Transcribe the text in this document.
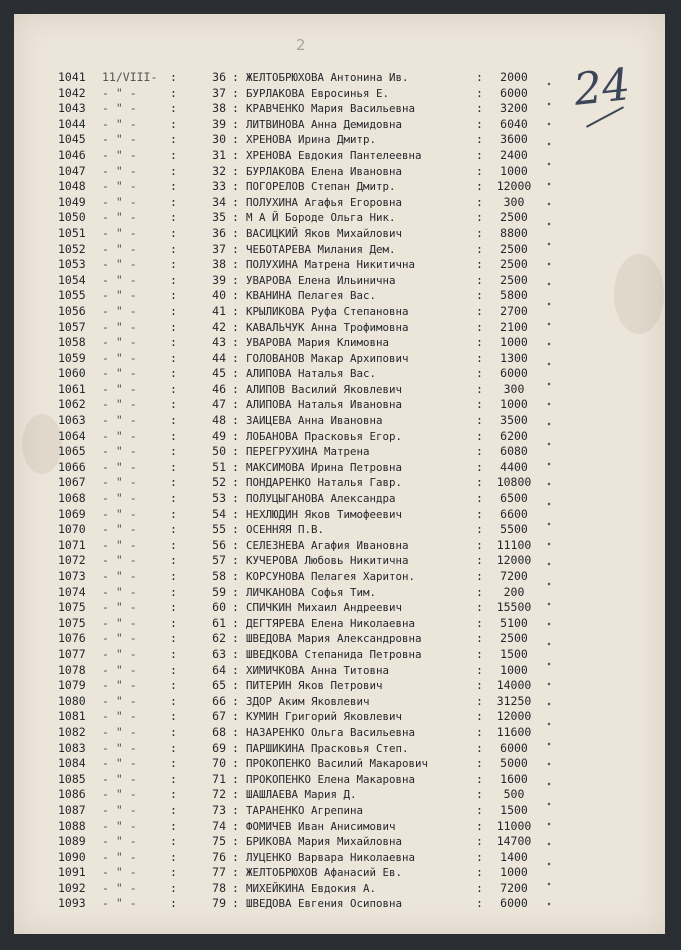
2
24
1041	11/VIII-	:	36 : ЖЕЛТОБРЮХОВА Антонина Ив.	:	2000
1042	- " -	:	37 : БУРЛАКОВА Евросинья Е.	:	6000
1043	- " -	:	38 : КРАВЧЕНКО Мария Васильевна	:	3200
1044	- " -	:	39 : ЛИТВИНОВА Анна Демидовна	:	6040
1045	- " -	:	30 : ХРЕНОВА Ирина Дмитр.	:	3600
1046	- " -	:	31 : ХРЕНОВА Евдокия Пантелеевна	:	2400
1047	- " -	:	32 : БУРЛАКОВА Елена Ивановна	:	1000
1048	- " -	:	33 : ПОГОРЕЛОВ Степан Дмитр.	:	12000
1049	- " -	:	34 : ПОЛУХИНА Агафья Егоровна	:	300
1050	- " -	:	35 : М А Й Бороде Ольга Ник.	:	2500
1051	- " -	:	36 : ВАСИЦКИЙ Яков Михайлович	:	8800
1052	- " -	:	37 : ЧЕБОТАРЕВА Милания Дем.	:	2500
1053	- " -	:	38 : ПОЛУХИНА Матрена Никитична	:	2500
1054	- " -	:	39 : УВАРОВА Елена Ильинична	:	2500
1055	- " -	:	40 : КВАНИНА Пелагея Вас.	:	5800
1056	- " -	:	41 : КРЫЛИКОВА Руфа Степановна	:	2700
1057	- " -	:	42 : КАВАЛЬЧУК Анна Трофимовна	:	2100
1058	- " -	:	43 : УВАРОВА Мария Климовна	:	1000
1059	- " -	:	44 : ГОЛОВАНОВ Макар Архипович	:	1300
1060	- " -	:	45 : АЛИПОВА Наталья Вас.	:	6000
1061	- " -	:	46 : АЛИПОВ Василий Яковлевич	:	300
1062	- " -	:	47 : АЛИПОВА Наталья Ивановна	:	1000
1063	- " -	:	48 : ЗАИЦЕВА Анна Ивановна	:	3500
1064	- " -	:	49 : ЛОБАНОВА Прасковья Егор.	:	6200
1065	- " -	:	50 : ПЕРЕГРУХИНА Матрена	:	6080
1066	- " -	:	51 : МАКСИМОВА Ирина Петровна	:	4400
1067	- " -	:	52 : ПОНДАРЕНКО Наталья Гавр.	:	10800
1068	- " -	:	53 : ПОЛУЦЫГАНОВА Александра	:	6500
1069	- " -	:	54 : НЕХЛЮДИН Яков Тимофеевич	:	6600
1070	- " -	:	55 : ОСЕННЯЯ П.В.	:	5500
1071	- " -	:	56 : СЕЛЕЗНЕВА Агафия Ивановна	:	11100
1072	- " -	:	57 : КУЧЕРОВА Любовь Никитична	:	12000
1073	- " -	:	58 : КОРСУНОВА Пелагея Харитон.	:	7200
1074	- " -	:	59 : ЛИЧКАНОВА Софья Тим.	:	200
1075	- " -	:	60 : СПИЧКИН Михаил Андреевич	:	15500
1075	- " -	:	61 : ДЕГТЯРЕВА Елена Николаевна	:	5100
1076	- " -	:	62 : ШВЕДОВА Мария Александровна	:	2500
1077	- " -	:	63 : ШВЕДКОВА Степанида Петровна	:	1500
1078	- " -	:	64 : ХИМИЧКОВА Анна Титовна	:	1000
1079	- " -	:	65 : ПИТЕРИН Яков Петрович	:	14000
1080	- " -	:	66 : ЗДОР Аким Яковлевич	:	31250
1081	- " -	:	67 : КУМИН Григорий Яковлевич	:	12000
1082	- " -	:	68 : НАЗАРЕНКО Ольга Васильевна	:	11600
1083	- " -	:	69 : ПАРШИКИНА Прасковья Степ.	:	6000
1084	- " -	:	70 : ПРОКОПЕНКО Василий Макарович	:	5000
1085	- " -	:	71 : ПРОКОПЕНКО Елена Макаровна	:	1600
1086	- " -	:	72 : ШАШЛАЕВА Мария Д.	:	500
1087	- " -	:	73 : ТАРАНЕНКО Агрепина	:	1500
1088	- " -	:	74 : ФОМИЧЕВ Иван Анисимович	:	11000
1089	- " -	:	75 : БРИКОВА Мария Михайловна	:	14700
1090	- " -	:	76 : ЛУЦЕНКО Варвара Николаевна	:	1400
1091	- " -	:	77 : ЖЕЛТОБРЮХОВ Афанасий Ев.	:	1000
1092	- " -	:	78 : МИХЕЙКИНА Евдокия А.	:	7200
1093	- " -	:	79 : ШВЕДОВА Евгения Осиповна	:	6000
